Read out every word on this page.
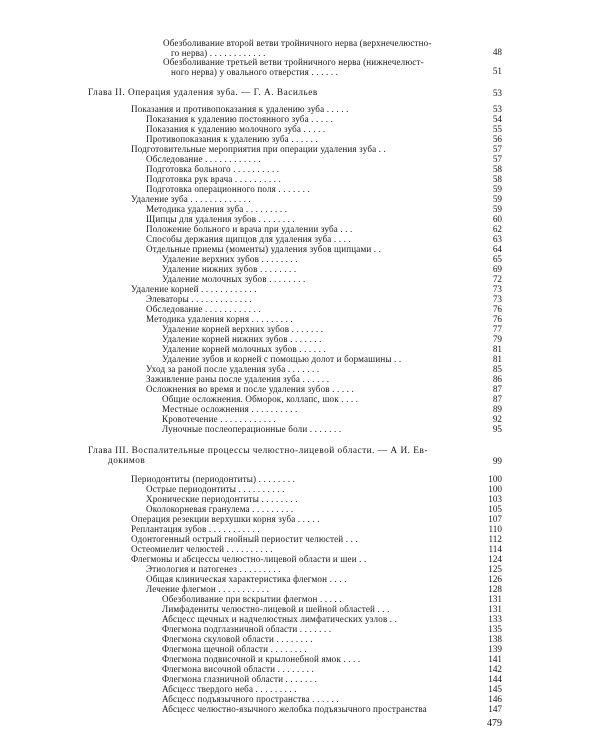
Обезболивание второй ветви тройничного нерва (верхнечелюстно-
го нерва) . . . . . . . . . . . .	48
Обезболивание третьей ветви тройничного нерва (нижнечелюст-
ного нерва) у овального отверстия . . . . . .	51
Глава II. Операция удаления зуба. — Г. А. Васильев	53
Показания и противопоказания к удалению зуба . . . . .	53
Показания к удалению постоянного зуба . . . . .	54
Показания к удалению молочного зуба . . . . .	55
Противопоказания к удалению зуба . . . . . .	56
Подготовительные мероприятия при операции удаления зуба . .	57
Обследование . . . . . . . . . . . .	57
Подготовка больного . . . . . . . . . .	58
Подготовка рук врача . . . . . . . . . .	58
Подготовка операционного поля . . . . . . .	59
Удаление зуба . . . . . . . . . . . . .	59
Методика удаления зуба . . . . . . . . .	59
Щипцы для удаления зубов . . . . . . . .	60
Положение больного и врача при удалении зуба . . .	62
Способы держания щипцов для удаления зуба . . . .	63
Отдельные приемы (моменты) удаления зубов щипцами . .	64
Удаление верхних зубов . . . . . . . .	65
Удаление нижних зубов . . . . . . . .	69
Удаление молочных зубов . . . . . . . .	72
Удаление корней . . . . . . . . . . . .	73
Элеваторы . . . . . . . . . . . . .	73
Обследование . . . . . . . . . . . .	76
Методика удаления корня . . . . . . . . .	76
Удаление корней верхних зубов . . . . . . .	77
Удаление корней нижних зубов . . . . . . .	79
Удаление корней молочных зубов . . . . . .	81
Удаление зубов и корней с помощью долот и бормашины . .	81
Уход за раной после удаления зуба . . . . . . .	85
Заживление раны после удаления зуба . . . . . .	86
Осложнения во время и после удаления зубов . . . . .	87
Общие осложнения. Обморок, коллапс, шок . . . .	87
Местные осложнения . . . . . . . . . .	89
Кровотечение . . . . . . . . . . . .	92
Луночные послеоперационные боли . . . . . . .	95
Глава III. Воспалительные процессы челюстно-лицевой области. — А И. Ев-
докимов	99
Периодонтиты (периодонтиты) . . . . . . . .	100
Острые периодонтиты . . . . . . . . . .	100
Хронические периодонтиты . . . . . . . .	103
Околокорневая гранулема . . . . . . . . .	105
Операция резекции верхушки корня зуба . . . . .	107
Реплантация зубов . . . . . . . . . . .	110
Одонтогенный острый гнойный периостит челюстей . . .	112
Остеомиелит челюстей . . . . . . . . . .	114
Флегмоны и абсцессы челюстно-лицевой области и шеи . .	124
Этиология и патогенез . . . . . . . . .	125
Общая клиническая характеристика флегмон . . . .	126
Лечение флегмон . . . . . . . . . . .	128
Обезболивание при вскрытии флегмон . . . . .	131
Лимфадениты челюстно-лицевой и шейной областей . . .	131
Абсцесс щечных и надчелюстных лимфатических узлов . .	133
Флегмона подглазничной области . . . . . . .	135
Флегмона скуловой области . . . . . . . .	138
Флегмона щечной области . . . . . . . .	139
Флегмона подвисочной и крылонебной ямок . . . .	141
Флегмона височной области . . . . . . . .	142
Флегмона глазничной области . . . . . . .	144
Абсцесс твердого неба . . . . . . . . .	145
Абсцесс подъязычного пространства . . . . . .	146
Абсцесс челюстно-язычного желобка подъязычного пространства	147
479
